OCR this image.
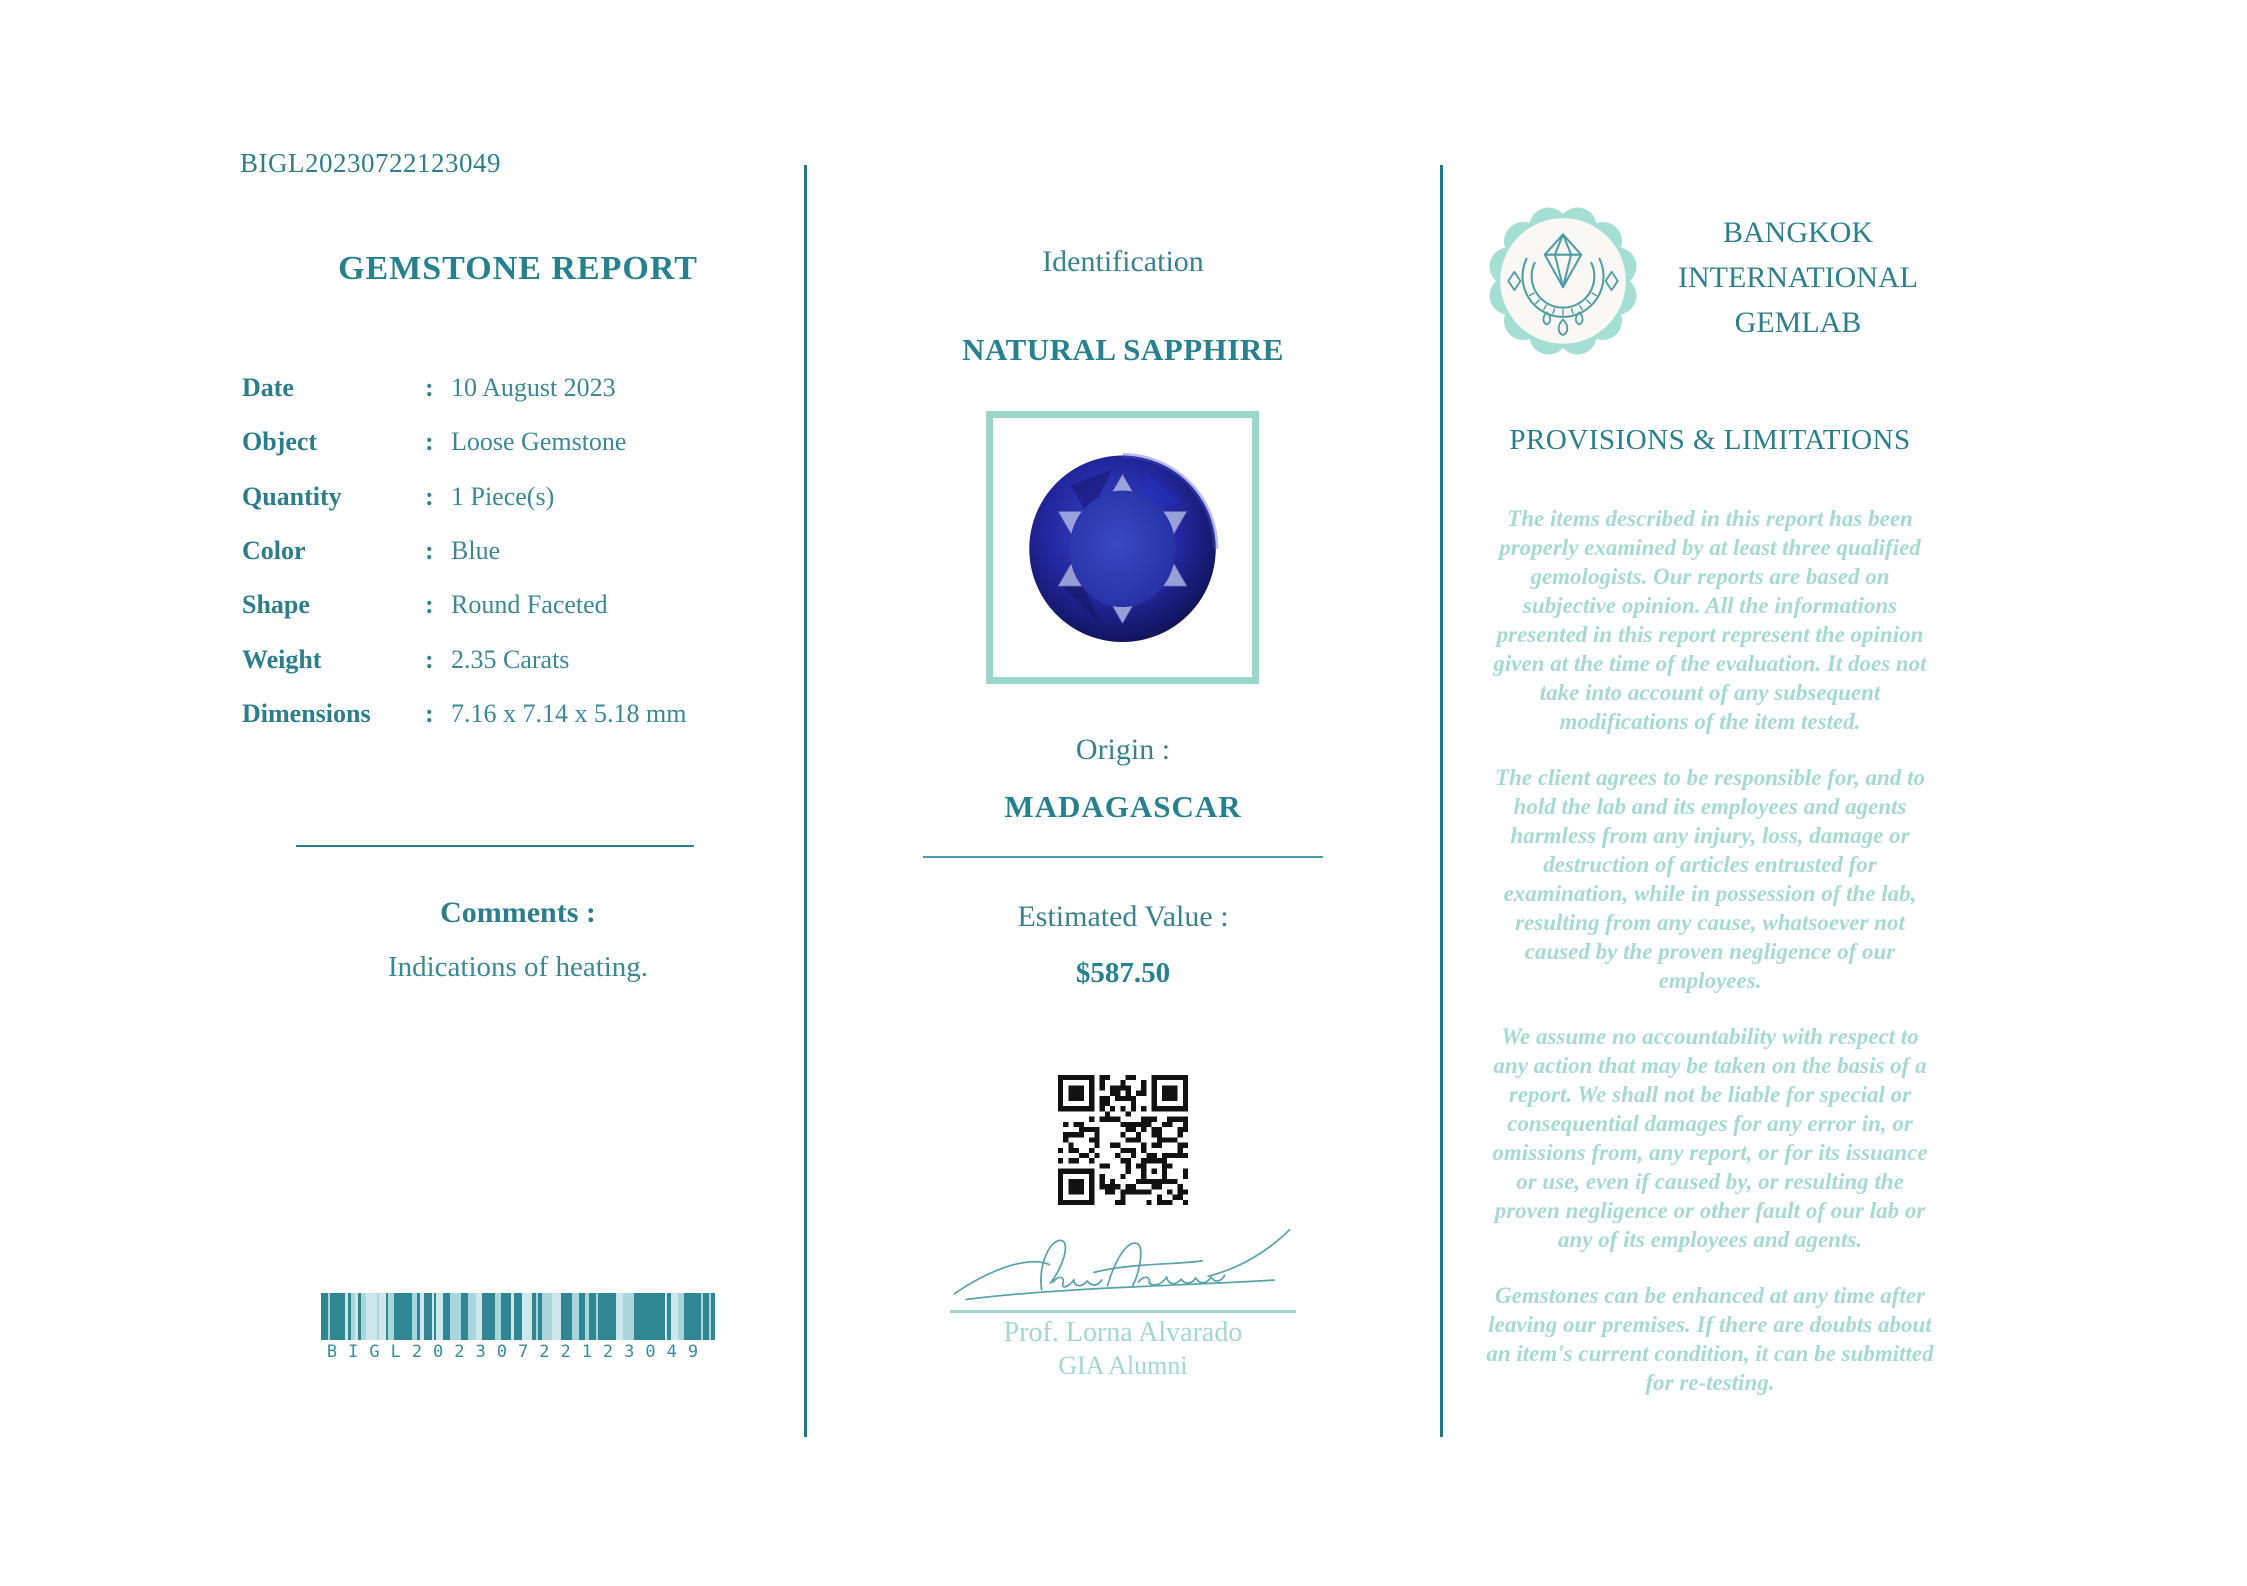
BIGL20230722123049
GEMSTONE REPORT
Date	: 10 August 2023
Object	: Loose Gemstone
Quantity	: 1 Piece(s)
Color	: Blue
Shape	: Round Faceted
Weight	: 2.35 Carats
Dimensions	: 7.16 x 7.14 x 5.18 mm
Comments :
Indications of heating.
BIGL20230722123049
Identification
NATURAL SAPPHIRE
Origin :
MADAGASCAR
Estimated Value :
$587.50
Prof. Lorna Alvarado
GIA Alumni
BANGKOK
INTERNATIONAL
GEMLAB
PROVISIONS & LIMITATIONS

The items described in this report has been properly examined by at least three qualified gemologists. Our reports are based on subjective opinion. All the informations presented in this report represent the opinion given at the time of the evaluation. It does not take into account of any subsequent modifications of the item tested.

The client agrees to be responsible for, and to hold the lab and its employees and agents harmless from any injury, loss, damage or destruction of articles entrusted for examination, while in possession of the lab, resulting from any cause, whatsoever not caused by the proven negligence of our employees.

We assume no accountability with respect to any action that may be taken on the basis of a report. We shall not be liable for special or consequential damages for any error in, or omissions from, any report, or for its issuance or use, even if caused by, or resulting the proven negligence or other fault of our lab or any of its employees and agents.

Gemstones can be enhanced at any time after leaving our premises. If there are doubts about an item's current condition, it can be submitted for re-testing.
